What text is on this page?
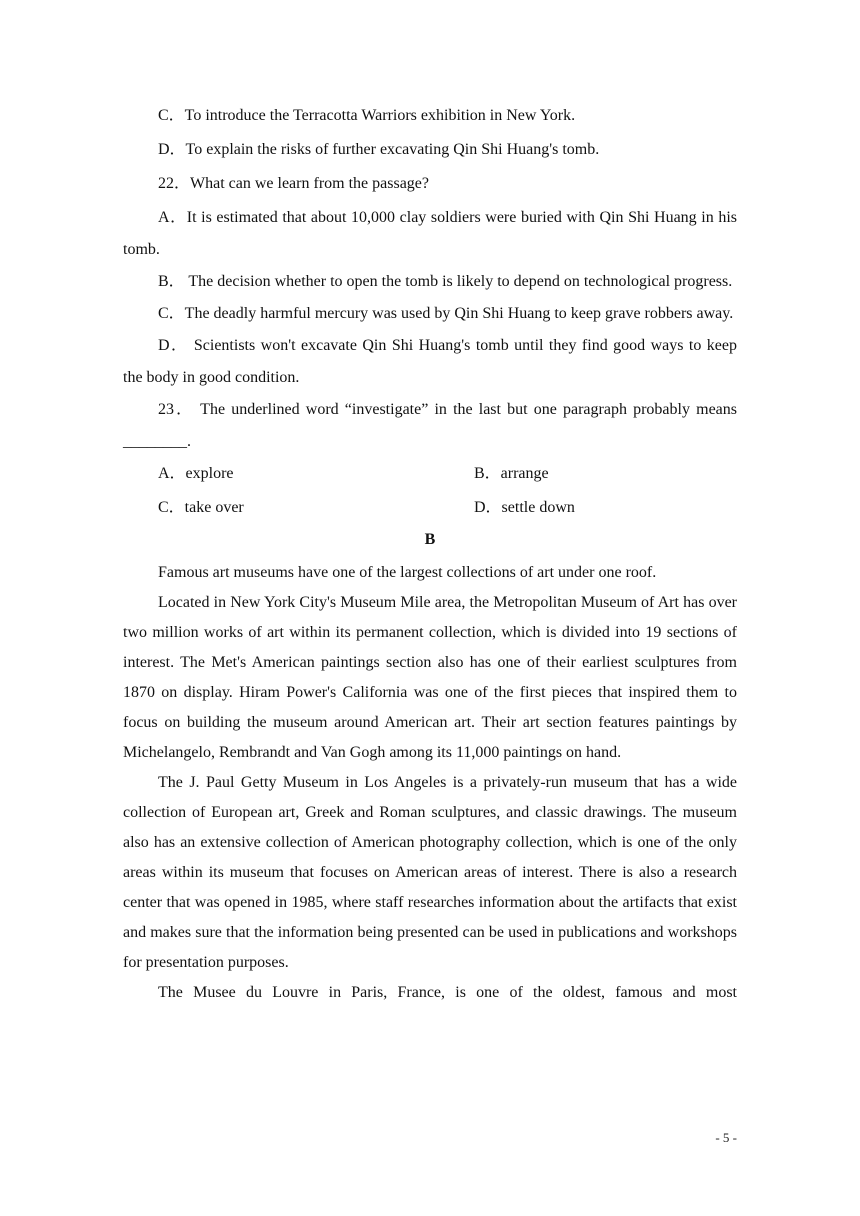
C．To introduce the Terracotta Warriors exhibition in New York.
D．To explain the risks of further excavating Qin Shi Huang's tomb.
22．What can we learn from the passage?
A．It is estimated that about 10,000 clay soldiers were buried with Qin Shi Huang in his tomb.
B． The decision whether to open the tomb is likely to depend on technological progress.
C．The deadly harmful mercury was used by Qin Shi Huang to keep grave robbers away.
D． Scientists won't excavate Qin Shi Huang's tomb until they find good ways to keep the body in good condition.
23． The underlined word “investigate” in the last but one paragraph probably means ________.
A．explore	B．arrange
C．take over	D．settle down
B
Famous art museums have one of the largest collections of art under one roof.
Located in New York City's Museum Mile area, the Metropolitan Museum of Art has over two million works of art within its permanent collection, which is divided into 19 sections of interest. The Met's American paintings section also has one of their earliest sculptures from 1870 on display. Hiram Power's California was one of the first pieces that inspired them to focus on building the museum around American art. Their art section features paintings by Michelangelo, Rembrandt and Van Gogh among its 11,000 paintings on hand.
The J. Paul Getty Museum in Los Angeles is a privately-run museum that has a wide collection of European art, Greek and Roman sculptures, and classic drawings. The museum also has an extensive collection of American photography collection, which is one of the only areas within its museum that focuses on American areas of interest. There is also a research center that was opened in 1985, where staff researches information about the artifacts that exist and makes sure that the information being presented can be used in publications and workshops for presentation purposes.
The Musee du Louvre in Paris, France, is one of the oldest, famous and most
- 5 -
